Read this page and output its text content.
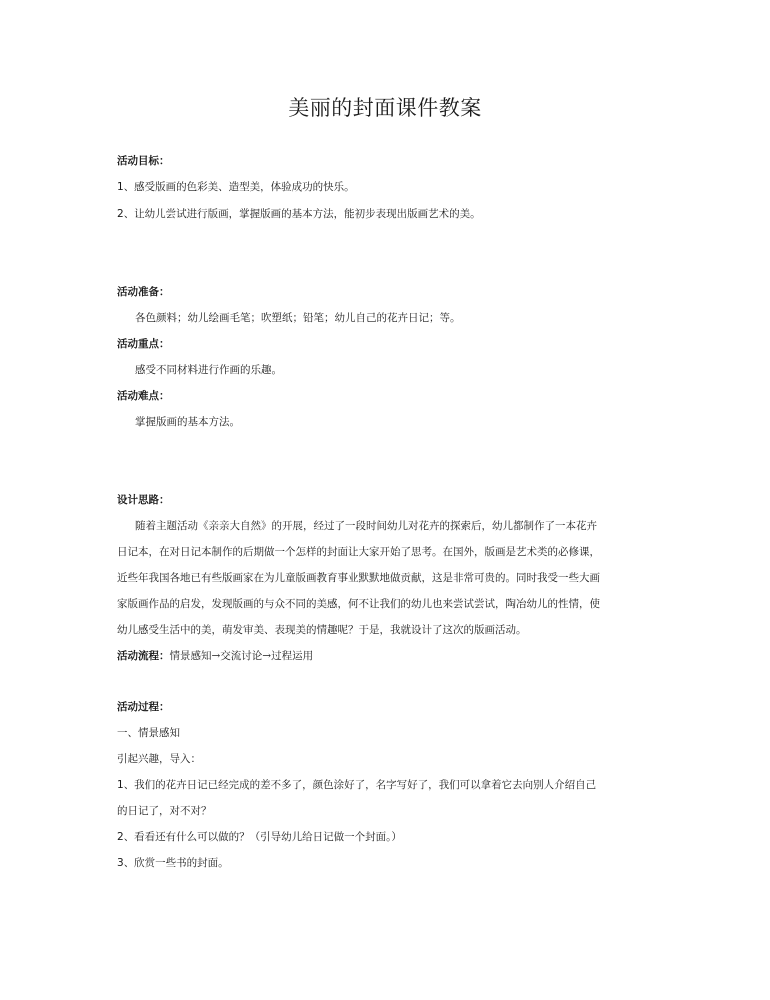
美丽的封面课件教案
活动目标：
1、感受版画的色彩美、造型美，体验成功的快乐。
2、让幼儿尝试进行版画，掌握版画的基本方法，能初步表现出版画艺术的美。
活动准备：
各色颜料；幼儿绘画毛笔；吹塑纸；铅笔；幼儿自己的花卉日记；等。
活动重点：
感受不同材料进行作画的乐趣。
活动难点：
掌握版画的基本方法。
设计思路：
随着主题活动《亲亲大自然》的开展，经过了一段时间幼儿对花卉的探索后，幼儿都制作了一本花卉
日记本，在对日记本制作的后期做一个怎样的封面让大家开始了思考。在国外，版画是艺术类的必修课，
近些年我国各地已有些版画家在为儿童版画教育事业默默地做贡献，这是非常可贵的。同时我受一些大画
家版画作品的启发，发现版画的与众不同的美感，何不让我们的幼儿也来尝试尝试，陶冶幼儿的性情，使
幼儿感受生活中的美，萌发审美、表现美的情趣呢？于是，我就设计了这次的版画活动。
活动流程：情景感知→交流讨论→过程运用
活动过程：
一、情景感知
引起兴趣，导入：
1、我们的花卉日记已经完成的差不多了，颜色涂好了，名字写好了，我们可以拿着它去向别人介绍自己
的日记了，对不对？
2、看看还有什么可以做的？（引导幼儿给日记做一个封面。）
3、欣赏一些书的封面。
